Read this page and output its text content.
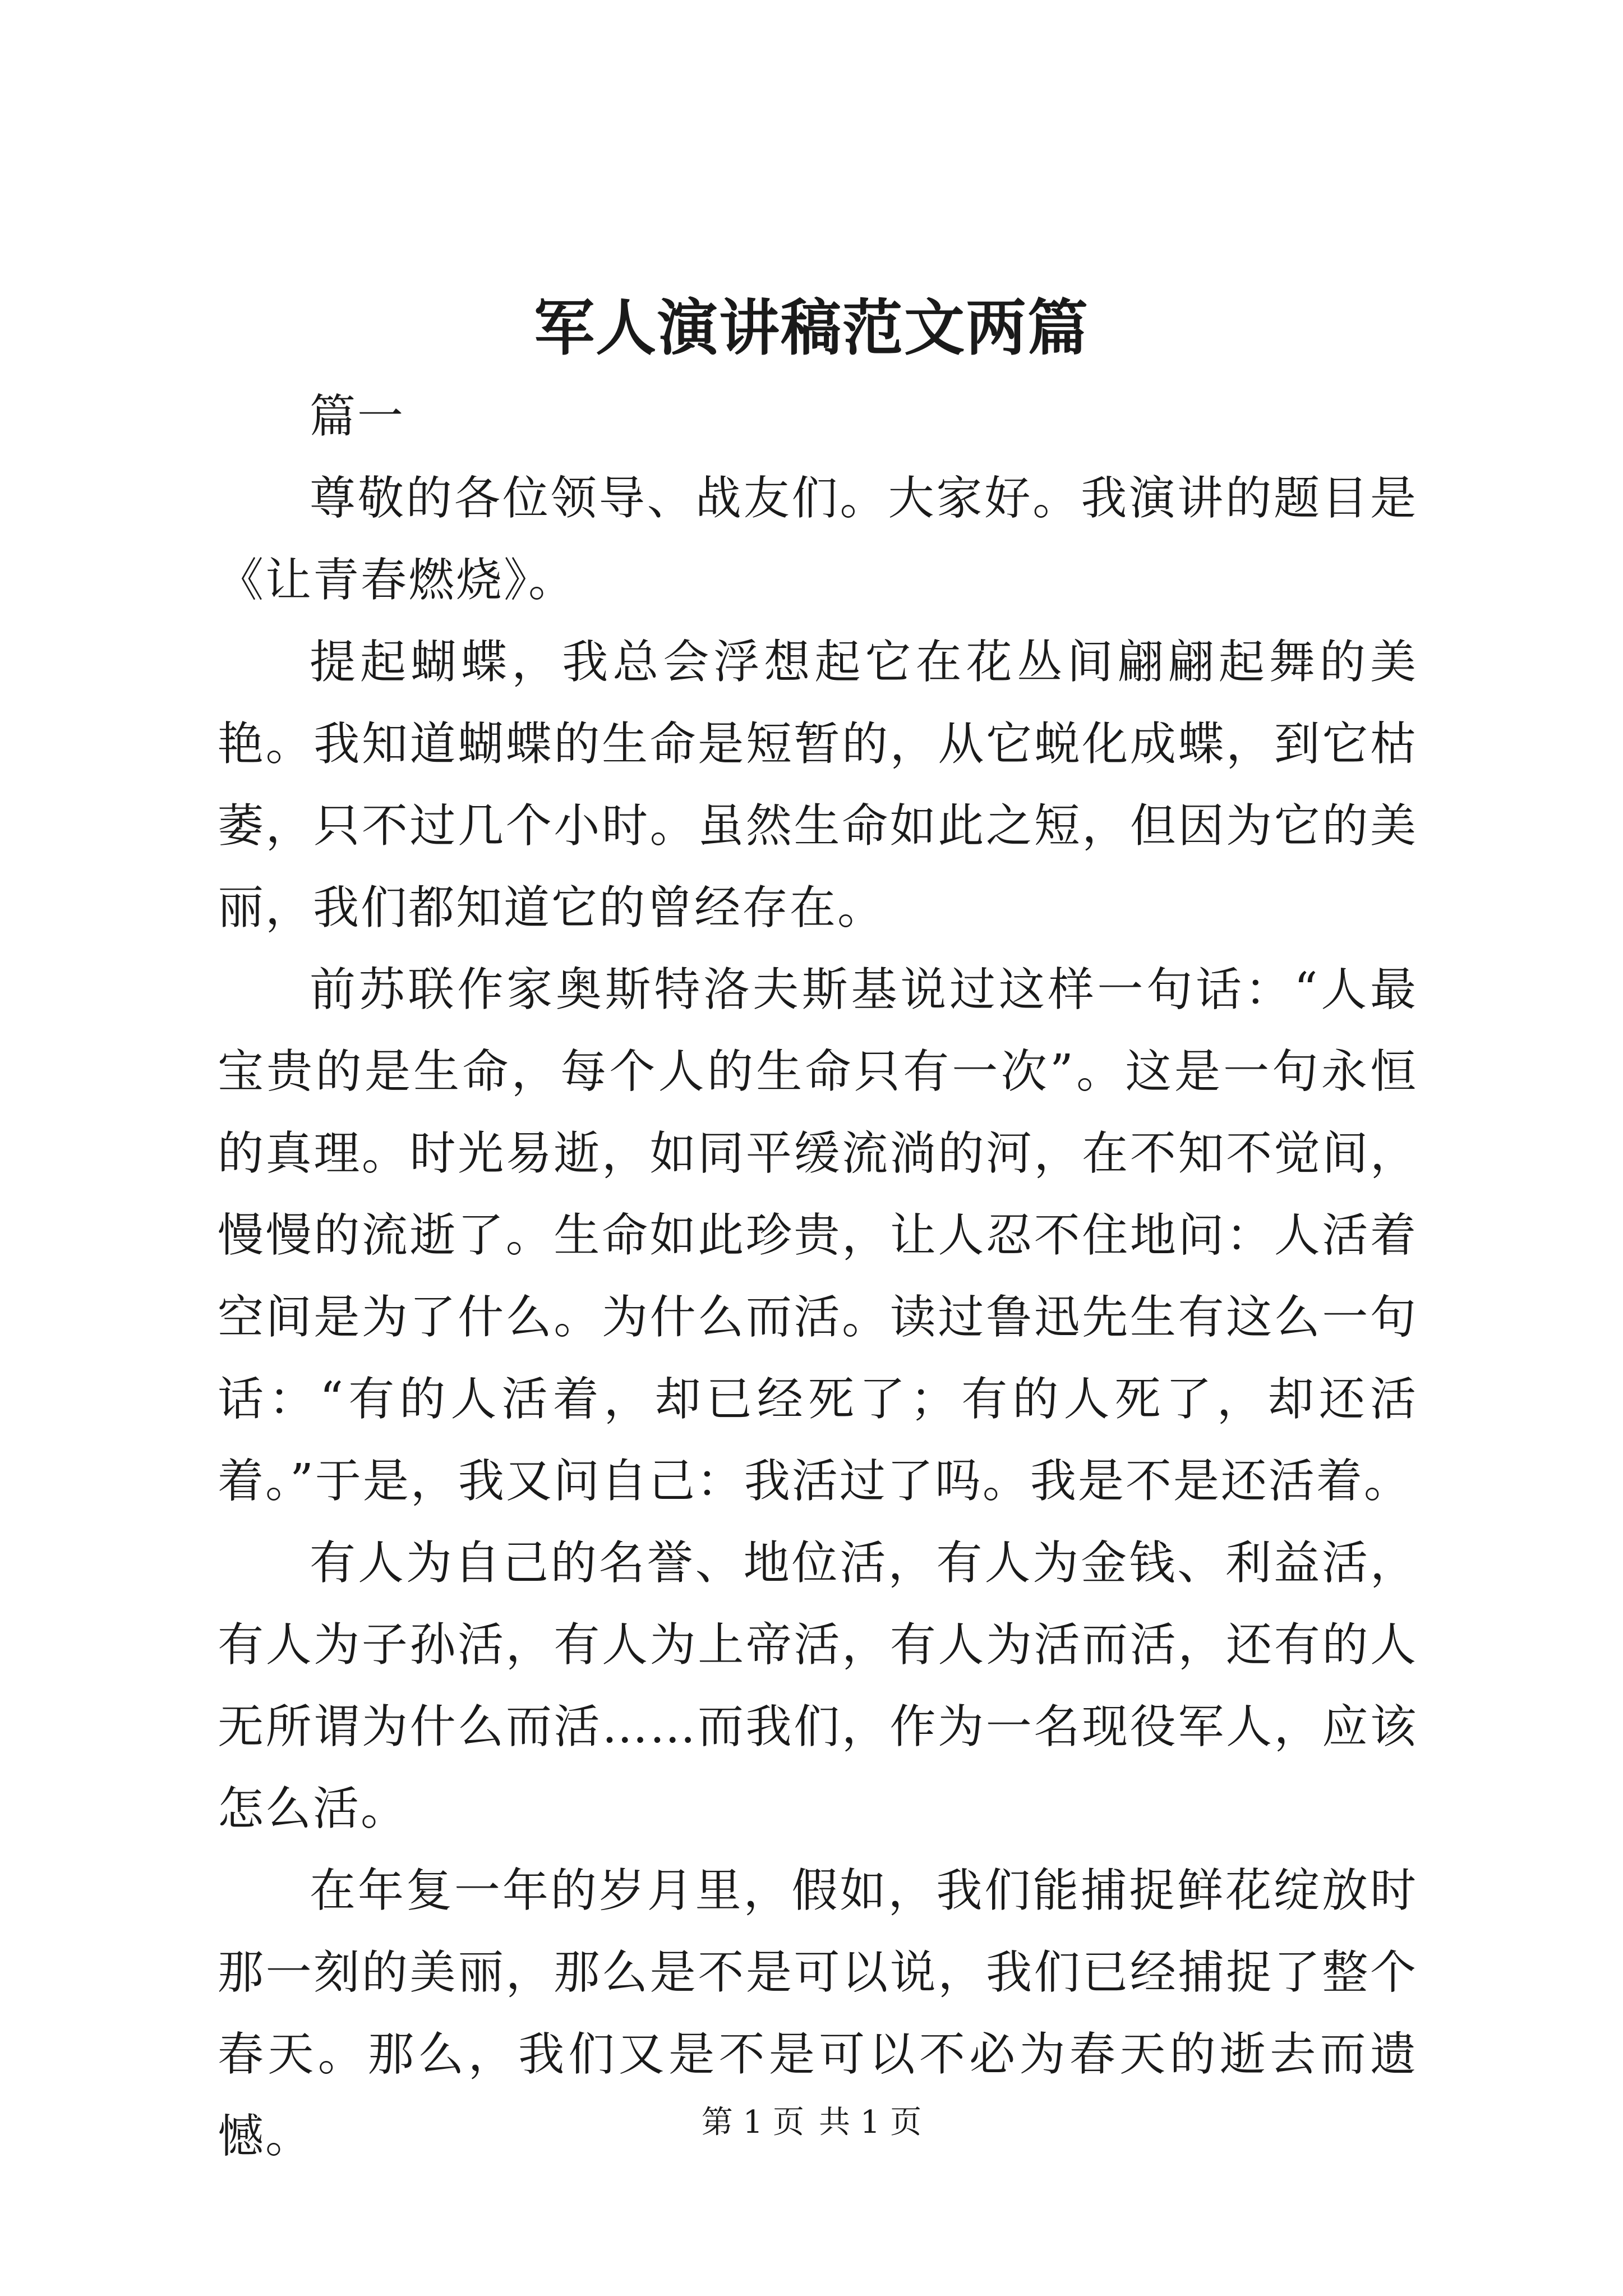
军人演讲稿范文两篇

篇一

尊敬的各位领导、战友们。大家好。我演讲的题目是《让青春燃烧》。

提起蝴蝶，我总会浮想起它在花丛间翩翩起舞的美艳。我知道蝴蝶的生命是短暂的，从它蜕化成蝶，到它枯萎，只不过几个小时。虽然生命如此之短，但因为它的美丽，我们都知道它的曾经存在。

前苏联作家奥斯特洛夫斯基说过这样一句话：“人最宝贵的是生命，每个人的生命只有一次”。这是一句永恒的真理。时光易逝，如同平缓流淌的河，在不知不觉间，慢慢的流逝了。生命如此珍贵，让人忍不住地问：人活着空间是为了什么。为什么而活。读过鲁迅先生有这么一句话：“有的人活着，却已经死了；有的人死了，却还活着。”于是，我又问自己：我活过了吗。我是不是还活着。

有人为自己的名誉、地位活，有人为金钱、利益活，有人为子孙活，有人为上帝活，有人为活而活，还有的人无所谓为什么而活……而我们，作为一名现役军人，应该怎么活。

在年复一年的岁月里，假如，我们能捕捉鲜花绽放时那一刻的美丽，那么是不是可以说，我们已经捕捉了整个春天。那么，我们又是不是可以不必为春天的逝去而遗憾。	第 1 页 共 1 页
